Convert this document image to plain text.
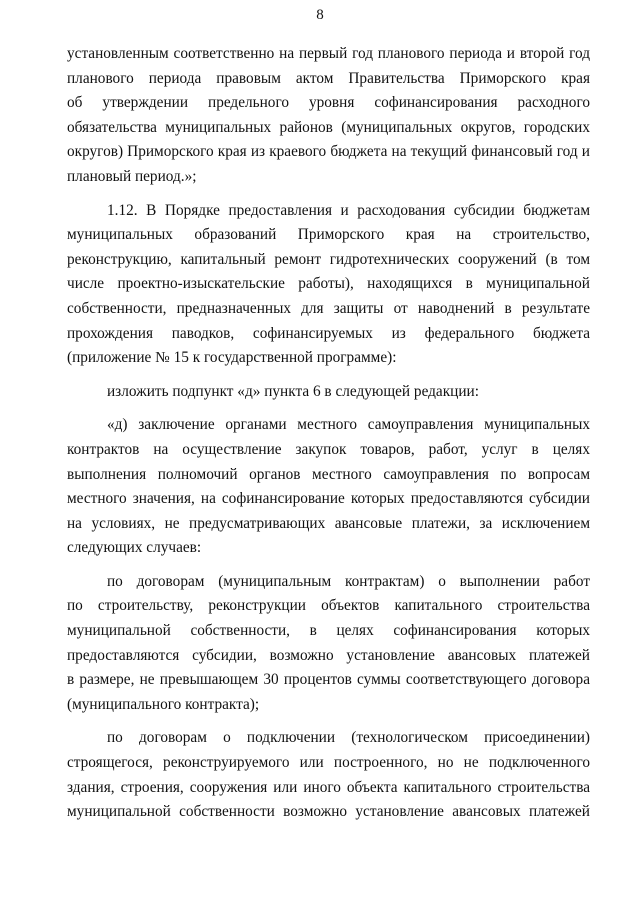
8

установленным соответственно на первый год планового периода и второй год
планового периода правовым актом Правительства Приморского края
об утверждении предельного уровня софинансирования расходного
обязательства муниципальных районов (муниципальных округов, городских
округов) Приморского края из краевого бюджета на текущий финансовый год и
плановый период.»;

1.12. В Порядке предоставления и расходования субсидии бюджетам
муниципальных образований Приморского края на строительство,
реконструкцию, капитальный ремонт гидротехнических сооружений (в том
числе проектно-изыскательские работы), находящихся в муниципальной
собственности, предназначенных для защиты от наводнений в результате
прохождения паводков, софинансируемых из федерального бюджета
(приложение № 15 к государственной программе):

изложить подпункт «д» пункта 6 в следующей редакции:

«д) заключение органами местного самоуправления муниципальных
контрактов на осуществление закупок товаров, работ, услуг в целях
выполнения полномочий органов местного самоуправления по вопросам
местного значения, на софинансирование которых предоставляются субсидии
на условиях, не предусматривающих авансовые платежи, за исключением
следующих случаев:

по договорам (муниципальным контрактам) о выполнении работ
по строительству, реконструкции объектов капитального строительства
муниципальной собственности, в целях софинансирования которых
предоставляются субсидии, возможно установление авансовых платежей
в размере, не превышающем 30 процентов суммы соответствующего договора
(муниципального контракта);

по договорам о подключении (технологическом присоединении)
строящегося, реконструируемого или построенного, но не подключенного
здания, строения, сооружения или иного объекта капитального строительства
муниципальной собственности возможно установление авансовых платежей
